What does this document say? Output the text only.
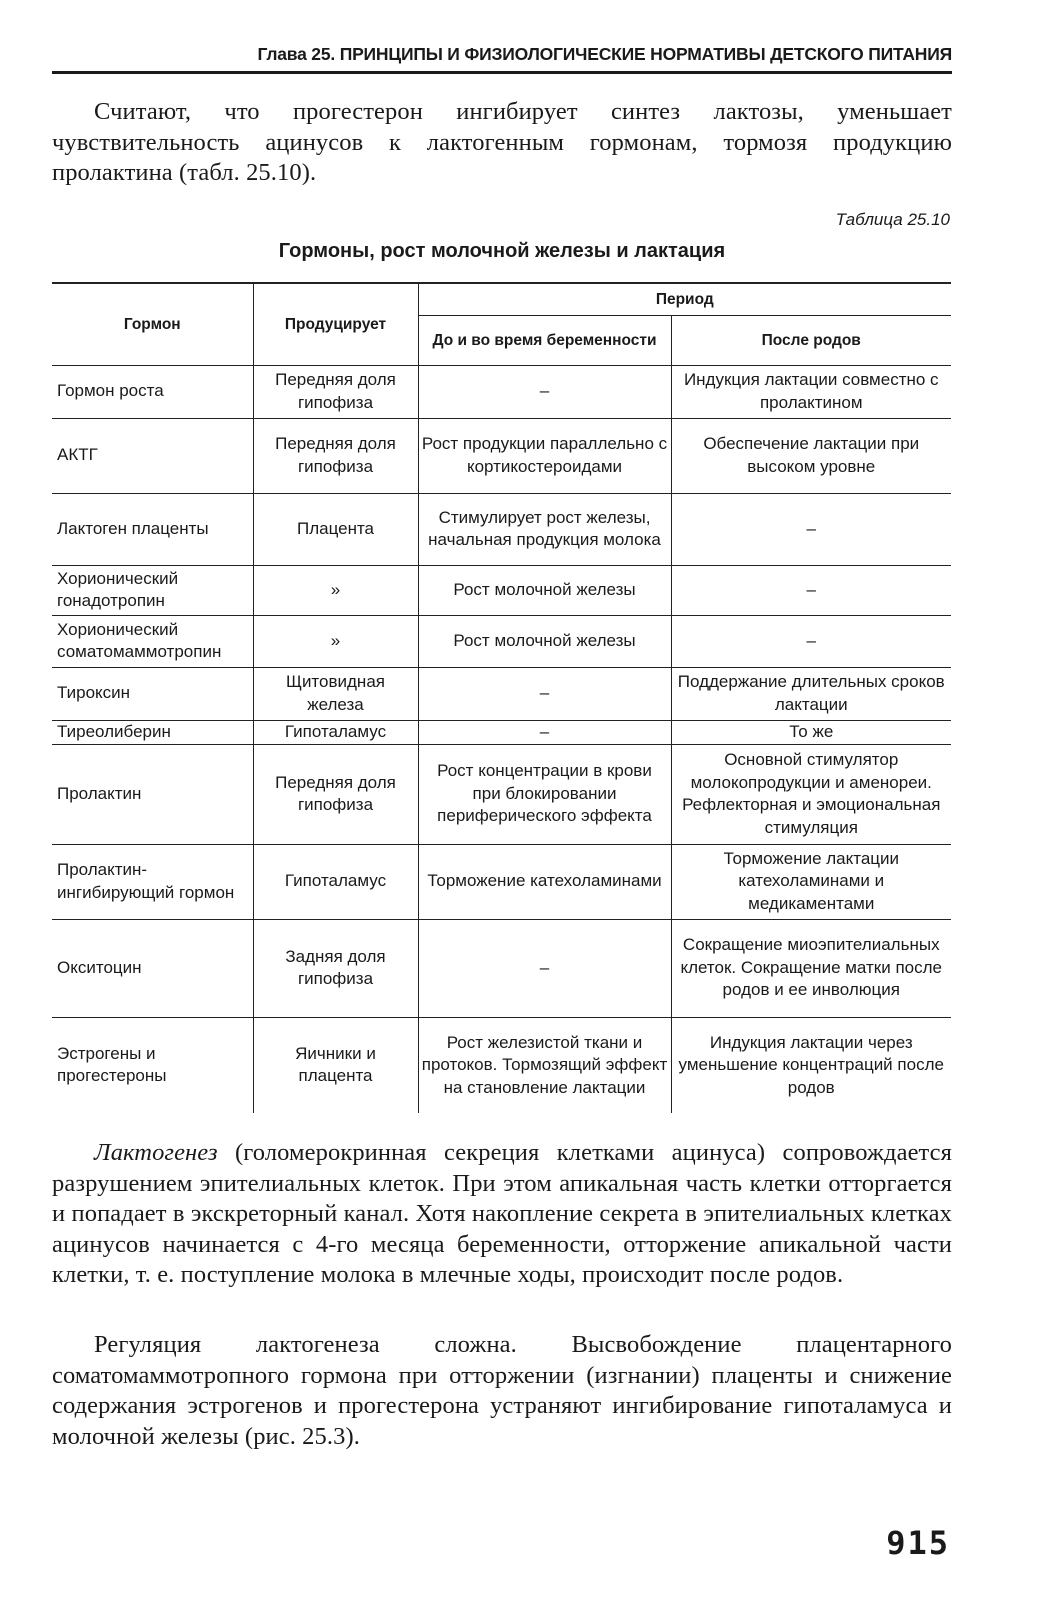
Глава 25. ПРИНЦИПЫ И ФИЗИОЛОГИЧЕСКИЕ НОРМАТИВЫ ДЕТСКОГО ПИТАНИЯ

Считают, что прогестерон ингибирует синтез лактозы, уменьшает чувствительность ацинусов к лактогенным гормонам, тормозя продукцию пролактина (табл. 25.10).

Таблица 25.10
Гормоны, рост молочной железы и лактация
Гормон	Продуцирует	Период	
		До и во время беременности	После родов
Гормон роста	Передняя доля гипофиза	–	Индукция лактации совместно с пролактином
АКТГ	Передняя доля гипофиза	Рост продукции параллельно с кортикостероидами	Обеспечение лактации при высоком уровне
Лактоген плаценты	Плацента	Стимулирует рост железы, начальная продукция молока	–
Хорионический гонадотропин	»	Рост молочной железы	–
Хорионический соматомаммотропин	»	Рост молочной железы	–
Тироксин	Щитовидная железа	–	Поддержание длительных сроков лактации
Тиреолиберин	Гипоталамус	–	То же
Пролактин	Передняя доля гипофиза	Рост концентрации в крови при блокировании периферического эффекта	Основной стимулятор молокопродукции и аменореи. Рефлекторная и эмоциональная стимуляция
Пролактин-ингибирующий гормон	Гипоталамус	Торможение катехоламинами	Торможение лактации катехоламинами и медикаментами
Окситоцин	Задняя доля гипофиза	–	Сокращение миоэпителиальных клеток. Сокращение матки после родов и ее инволюция
Эстрогены и прогестероны	Яичники и плацента	Рост железистой ткани и протоков. Тормозящий эффект на становление лактации	Индукция лактации через уменьшение концентраций после родов

Лактогенез (голомерокринная секреция клетками ацинуса) сопровождается разрушением эпителиальных клеток. При этом апикальная часть клетки отторгается и попадает в экскреторный канал. Хотя накопление секрета в эпителиальных клетках ацинусов начинается с 4-го месяца беременности, отторжение апикальной части клетки, т. е. поступление молока в млечные ходы, происходит после родов.

Регуляция лактогенеза сложна. Высвобождение плацентарного соматомаммотропного гормона при отторжении (изгнании) плаценты и снижение содержания эстрогенов и прогестерона устраняют ингибирование гипоталамуса и молочной железы (рис. 25.3).

915
